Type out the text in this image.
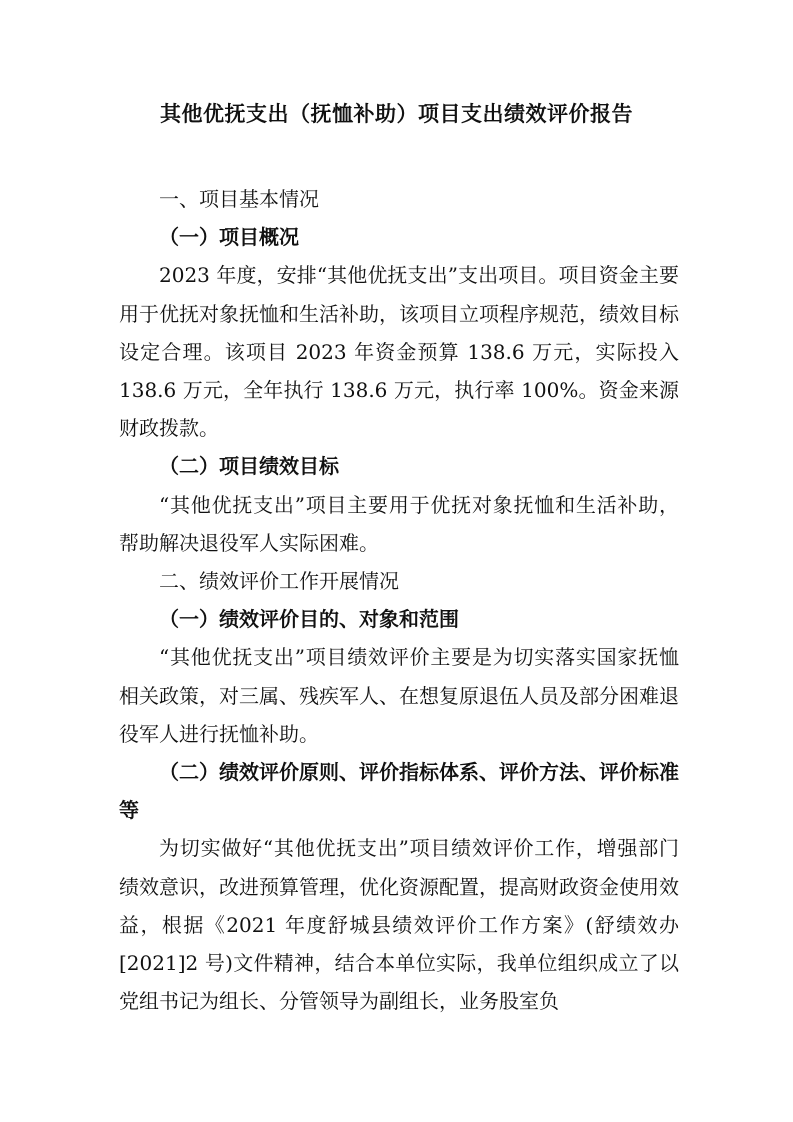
其他优抚支出（抚恤补助）项目支出绩效评价报告

一、项目基本情况

（一）项目概况

2023 年度，安排“其他优抚支出”支出项目。项目资金主要用于优抚对象抚恤和生活补助，该项目立项程序规范，绩效目标设定合理。该项目 2023 年资金预算 138.6 万元，实际投入 138.6 万元，全年执行 138.6 万元，执行率 100%。资金来源财政拨款。

（二）项目绩效目标

“其他优抚支出”项目主要用于优抚对象抚恤和生活补助，帮助解决退役军人实际困难。

二、绩效评价工作开展情况

（一）绩效评价目的、对象和范围

“其他优抚支出”项目绩效评价主要是为切实落实国家抚恤相关政策，对三属、残疾军人、在想复原退伍人员及部分困难退役军人进行抚恤补助。

（二）绩效评价原则、评价指标体系、评价方法、评价标准等

为切实做好“其他优抚支出”项目绩效评价工作，增强部门绩效意识，改进预算管理，优化资源配置，提高财政资金使用效益，根据《2021 年度舒城县绩效评价工作方案》(舒绩效办[2021]2 号)文件精神，结合本单位实际，我单位组织成立了以党组书记为组长、分管领导为副组长，业务股室负
